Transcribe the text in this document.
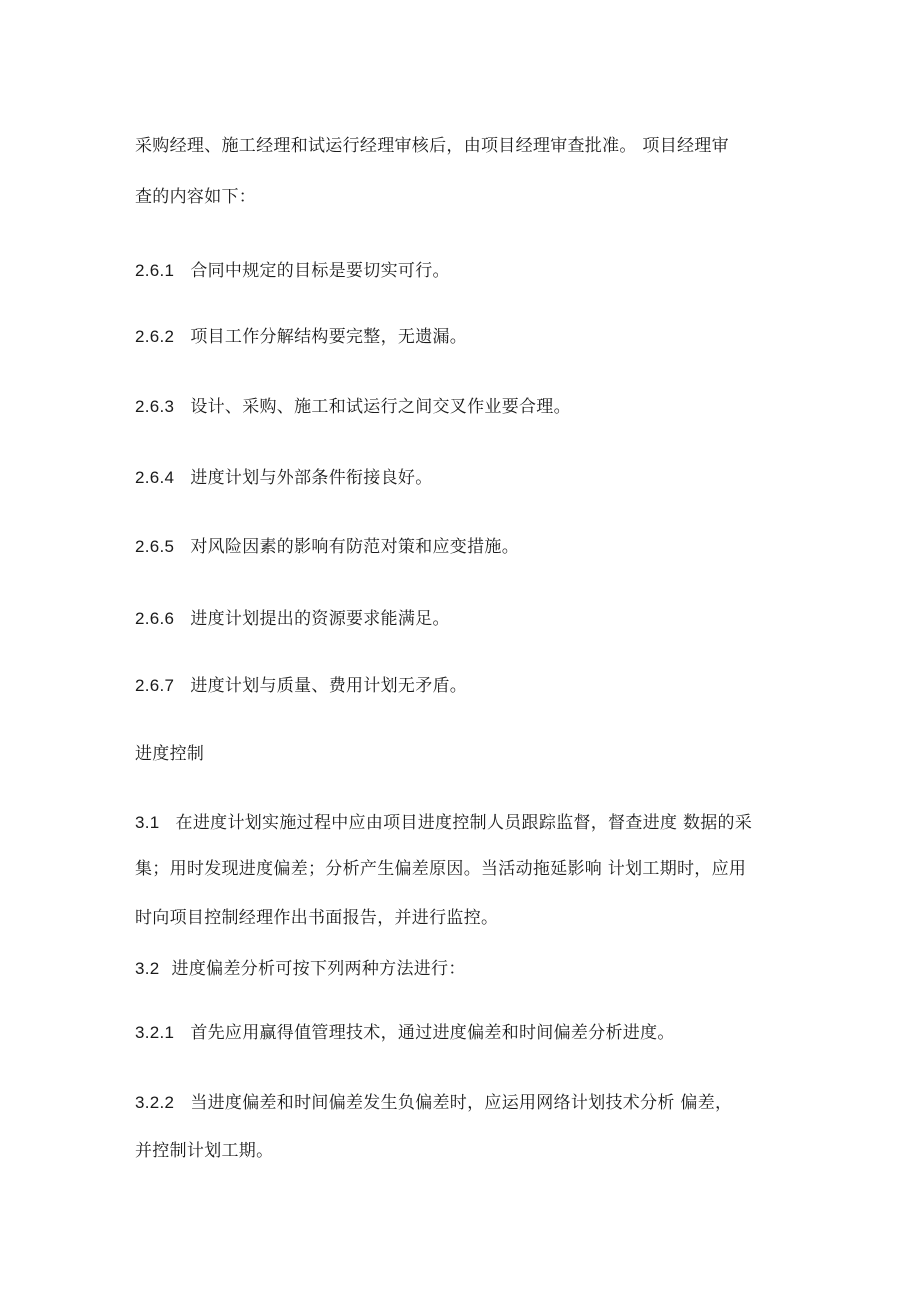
采购经理、施工经理和试运行经理审核后，由项目经理审查批准。 项目经理审
查的内容如下：
2.6.1 合同中规定的目标是要切实可行。
2.6.2 项目工作分解结构要完整，无遗漏。
2.6.3 设计、采购、施工和试运行之间交叉作业要合理。
2.6.4 进度计划与外部条件衔接良好。
2.6.5 对风险因素的影响有防范对策和应变措施。
2.6.6 进度计划提出的资源要求能满足。
2.6.7 进度计划与质量、费用计划无矛盾。
进度控制
3.1 在进度计划实施过程中应由项目进度控制人员跟踪监督，督查进度 数据的采
集；用时发现进度偏差；分析产生偏差原因。当活动拖延影响 计划工期时，应用
时向项目控制经理作出书面报告，并进行监控。
3.2 进度偏差分析可按下列两种方法进行：
3.2.1 首先应用赢得值管理技术，通过进度偏差和时间偏差分析进度。
3.2.2 当进度偏差和时间偏差发生负偏差时，应运用网络计划技术分析 偏差，
并控制计划工期。
